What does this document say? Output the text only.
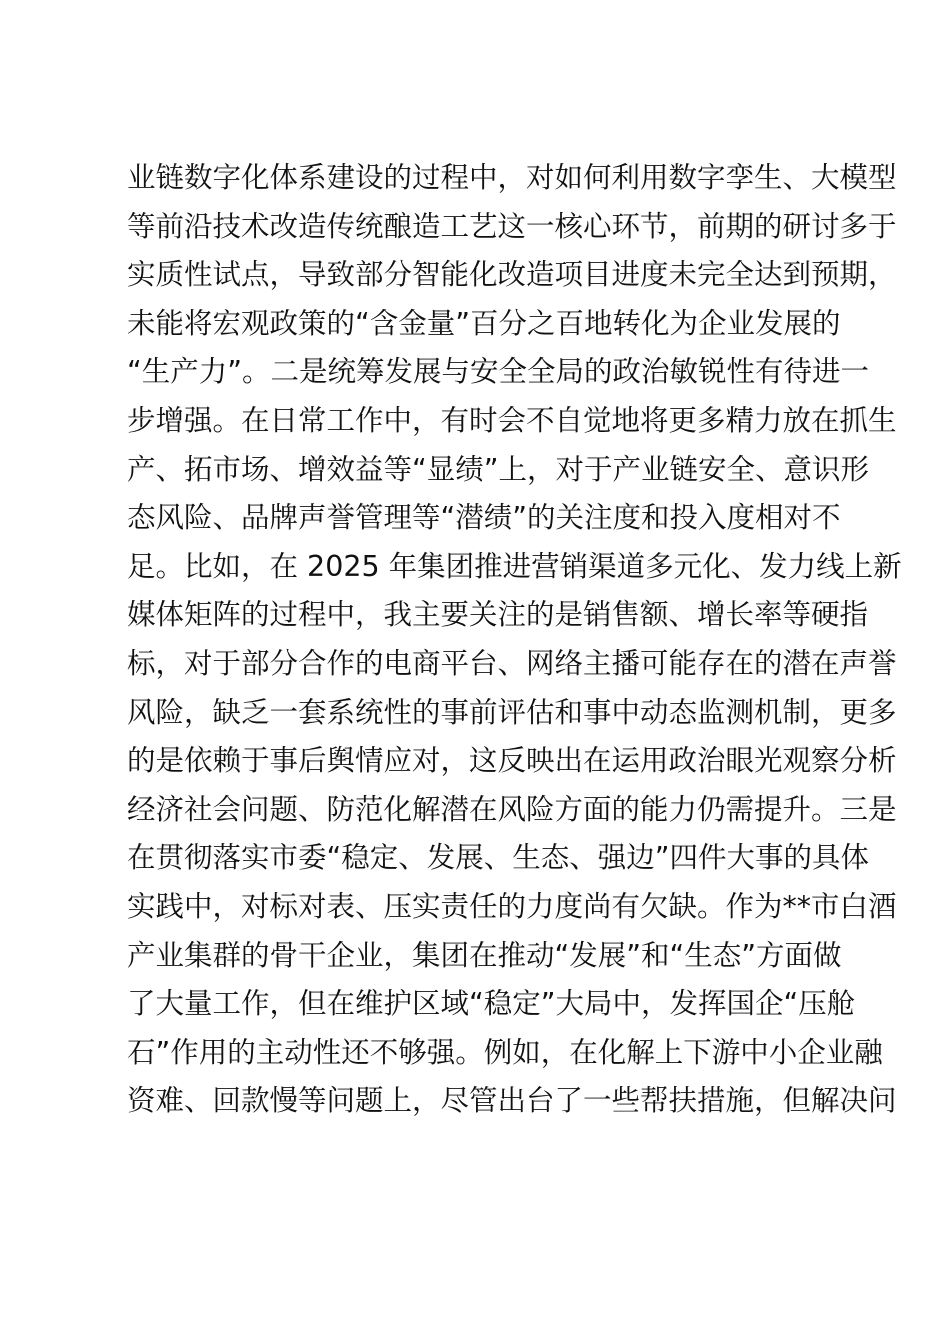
业链数字化体系建设的过程中，对如何利用数字孪生、大模型
等前沿技术改造传统酿造工艺这一核心环节，前期的研讨多于
实质性试点，导致部分智能化改造项目进度未完全达到预期，
未能将宏观政策的“含金量”百分之百地转化为企业发展的
“生产力”。二是统筹发展与安全全局的政治敏锐性有待进一
步增强。在日常工作中，有时会不自觉地将更多精力放在抓生
产、拓市场、增效益等“显绩”上，对于产业链安全、意识形
态风险、品牌声誉管理等“潜绩”的关注度和投入度相对不
足。比如，在 2025 年集团推进营销渠道多元化、发力线上新
媒体矩阵的过程中，我主要关注的是销售额、增长率等硬指
标，对于部分合作的电商平台、网络主播可能存在的潜在声誉
风险，缺乏一套系统性的事前评估和事中动态监测机制，更多
的是依赖于事后舆情应对，这反映出在运用政治眼光观察分析
经济社会问题、防范化解潜在风险方面的能力仍需提升。三是
在贯彻落实市委“稳定、发展、生态、强边”四件大事的具体
实践中，对标对表、压实责任的力度尚有欠缺。作为**市白酒
产业集群的骨干企业，集团在推动“发展”和“生态”方面做
了大量工作，但在维护区域“稳定”大局中，发挥国企“压舱
石”作用的主动性还不够强。例如，在化解上下游中小企业融
资难、回款慢等问题上，尽管出台了一些帮扶措施，但解决问
